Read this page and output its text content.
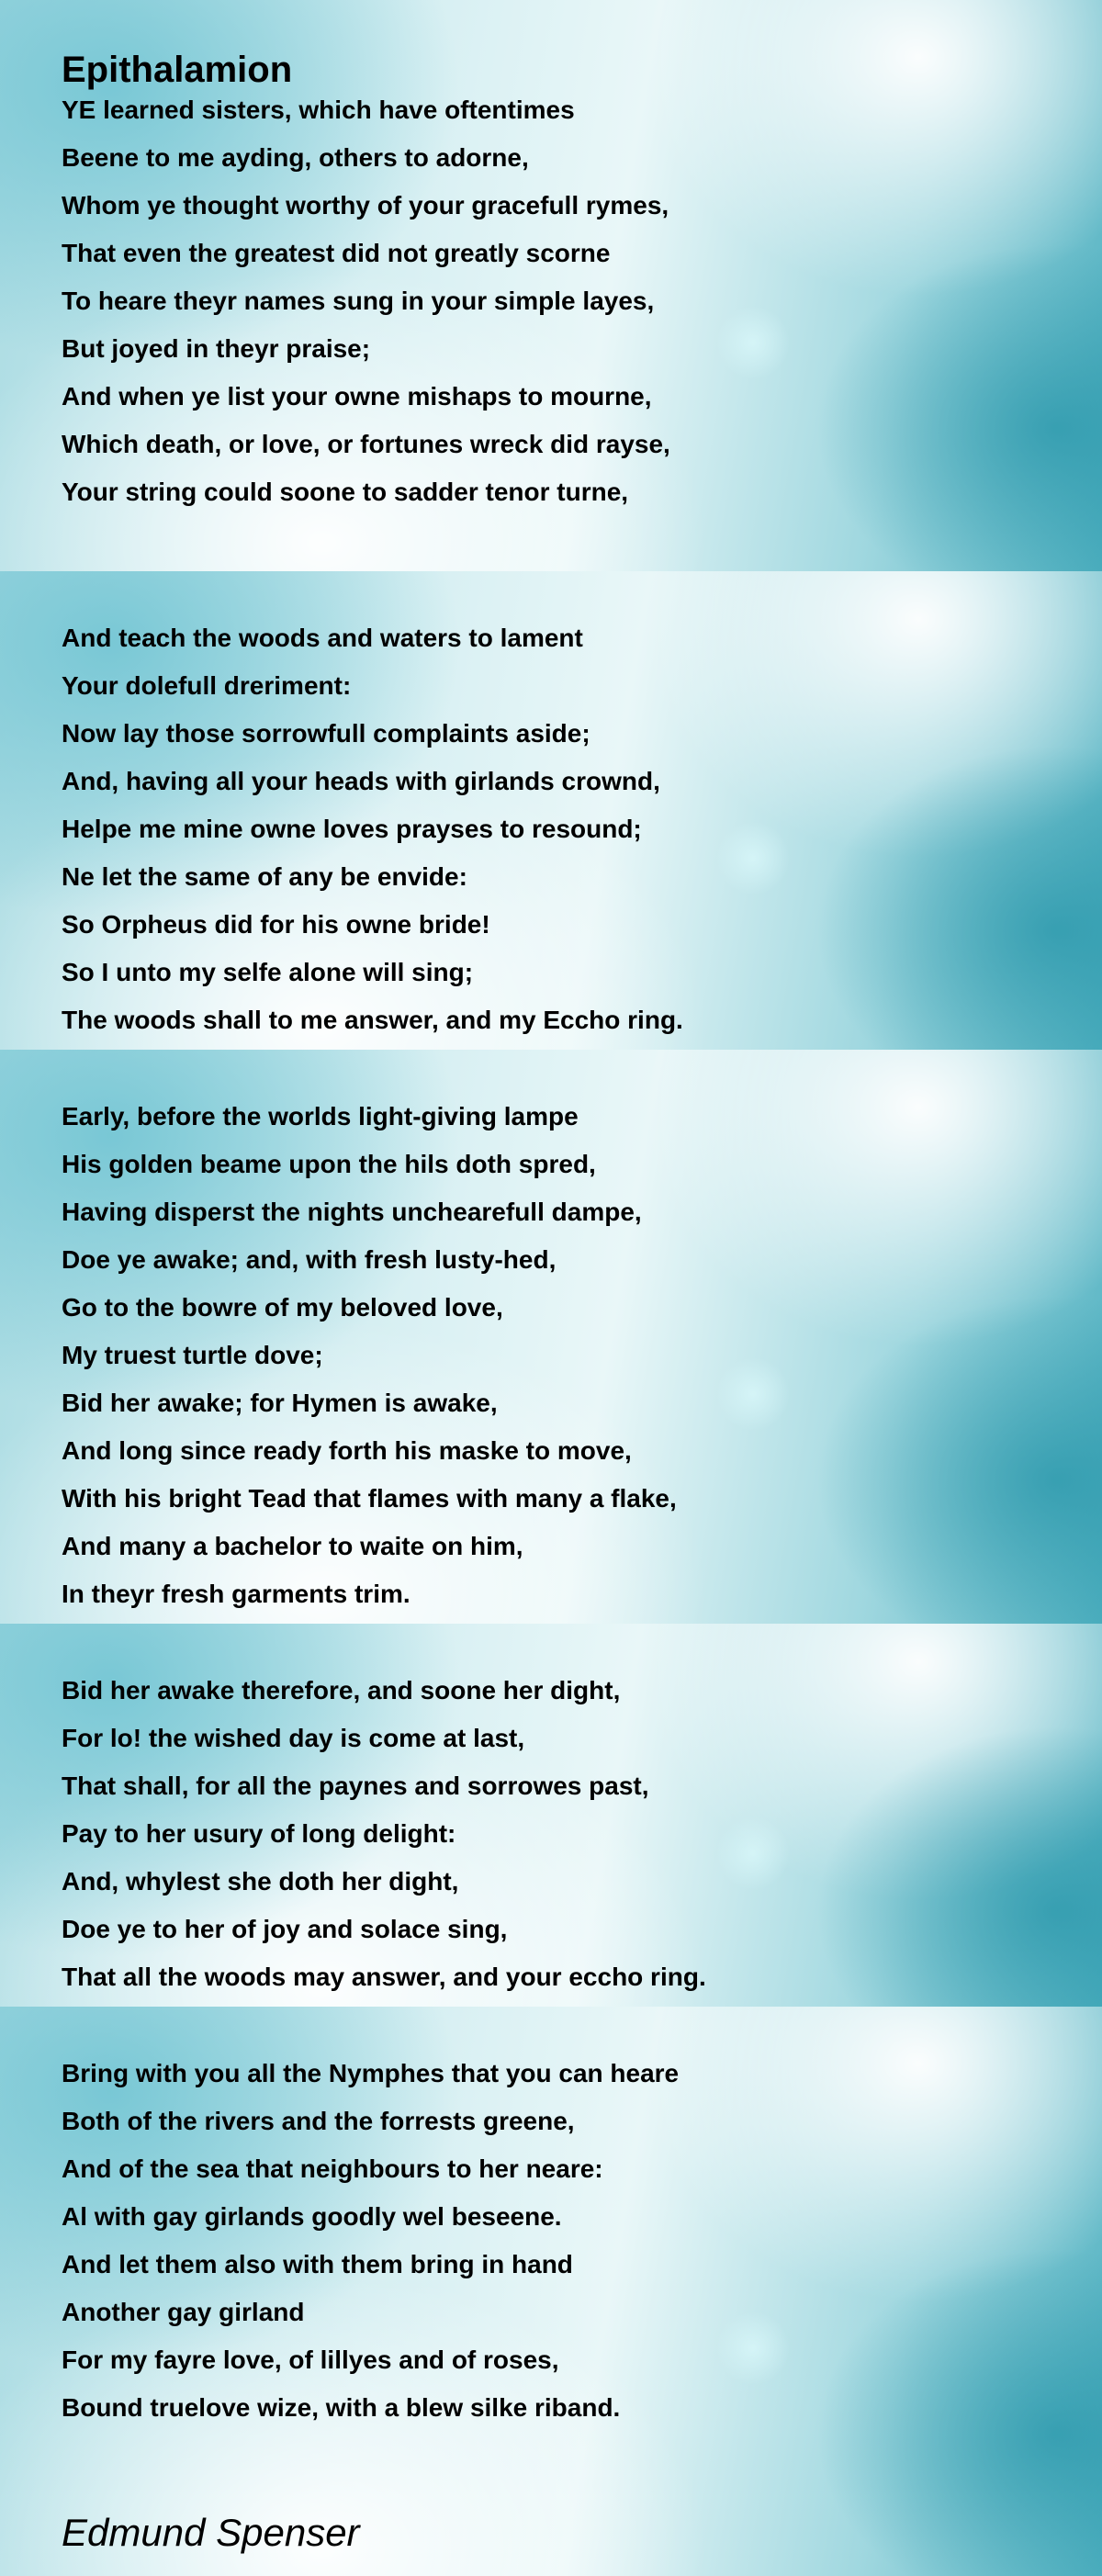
Epithalamion
YE learned sisters, which have oftentimes
Beene to me ayding, others to adorne,
Whom ye thought worthy of your gracefull rymes,
That even the greatest did not greatly scorne
To heare theyr names sung in your simple layes,
But joyed in theyr praise;
And when ye list your owne mishaps to mourne,
Which death, or love, or fortunes wreck did rayse,
Your string could soone to sadder tenor turne,
And teach the woods and waters to lament
Your dolefull dreriment:
Now lay those sorrowfull complaints aside;
And, having all your heads with girlands crownd,
Helpe me mine owne loves prayses to resound;
Ne let the same of any be envide:
So Orpheus did for his owne bride!
So I unto my selfe alone will sing;
The woods shall to me answer, and my Eccho ring.
Early, before the worlds light-giving lampe
His golden beame upon the hils doth spred,
Having disperst the nights unchearefull dampe,
Doe ye awake; and, with fresh lusty-hed,
Go to the bowre of my beloved love,
My truest turtle dove;
Bid her awake; for Hymen is awake,
And long since ready forth his maske to move,
With his bright Tead that flames with many a flake,
And many a bachelor to waite on him,
In theyr fresh garments trim.
Bid her awake therefore, and soone her dight,
For lo! the wished day is come at last,
That shall, for all the paynes and sorrowes past,
Pay to her usury of long delight:
And, whylest she doth her dight,
Doe ye to her of joy and solace sing,
That all the woods may answer, and your eccho ring.
Bring with you all the Nymphes that you can heare
Both of the rivers and the forrests greene,
And of the sea that neighbours to her neare:
Al with gay girlands goodly wel beseene.
And let them also with them bring in hand
Another gay girland
For my fayre love, of lillyes and of roses,
Bound truelove wize, with a blew silke riband.
Edmund Spenser
